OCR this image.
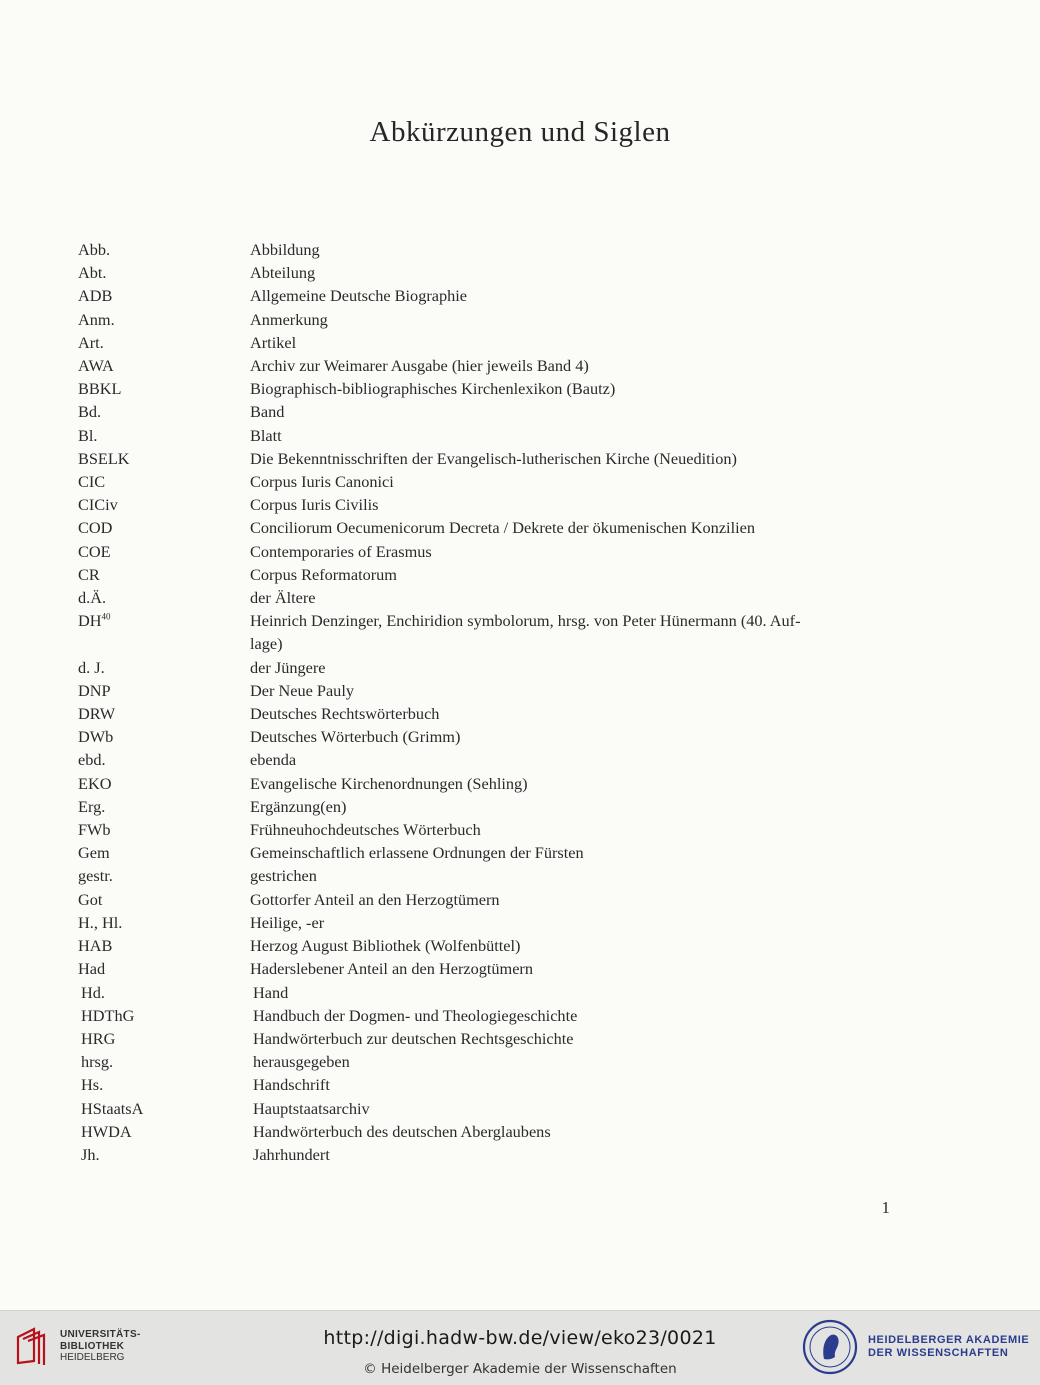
Abkürzungen und Siglen
Abb.	Abbildung
Abt.	Abteilung
ADB	Allgemeine Deutsche Biographie
Anm.	Anmerkung
Art.	Artikel
AWA	Archiv zur Weimarer Ausgabe (hier jeweils Band 4)
BBKL	Biographisch-bibliographisches Kirchenlexikon (Bautz)
Bd.	Band
Bl.	Blatt
BSELK	Die Bekenntnisschriften der Evangelisch-lutherischen Kirche (Neuedition)
CIC	Corpus Iuris Canonici
CICiv	Corpus Iuris Civilis
COD	Conciliorum Oecumenicorum Decreta / Dekrete der ökumenischen Konzilien
COE	Contemporaries of Erasmus
CR	Corpus Reformatorum
d.Ä.	der Ältere
DH$^{40}$	Heinrich Denzinger, Enchiridion symbolorum, hrsg. von Peter Hünermann (40. Auf-
lage)
d. J.	der Jüngere
DNP	Der Neue Pauly
DRW	Deutsches Rechtswörterbuch
DWb	Deutsches Wörterbuch (Grimm)
ebd.	ebenda
EKO	Evangelische Kirchenordnungen (Sehling)
Erg.	Ergänzung(en)
FWb	Frühneuhochdeutsches Wörterbuch
Gem	Gemeinschaftlich erlassene Ordnungen der Fürsten
gestr.	gestrichen
Got	Gottorfer Anteil an den Herzogtümern
H., Hl.	Heilige, -er
HAB	Herzog August Bibliothek (Wolfenbüttel)
Had	Haderslebener Anteil an den Herzogtümern
Hd.	Hand
HDThG	Handbuch der Dogmen- und Theologiegeschichte
HRG	Handwörterbuch zur deutschen Rechtsgeschichte
hrsg.	herausgegeben
Hs.	Handschrift
HStaatsA	Hauptstaatsarchiv
HWDA	Handwörterbuch des deutschen Aberglaubens
Jh.	Jahrhundert
1
UNIVERSITÄTS-
BIBLIOTHEK
HEIDELBERG
http://digi.hadw-bw.de/view/eko23/0021
© Heidelberger Akademie der Wissenschaften
HEIDELBERGER AKADEMIE
DER WISSENSCHAFTEN
